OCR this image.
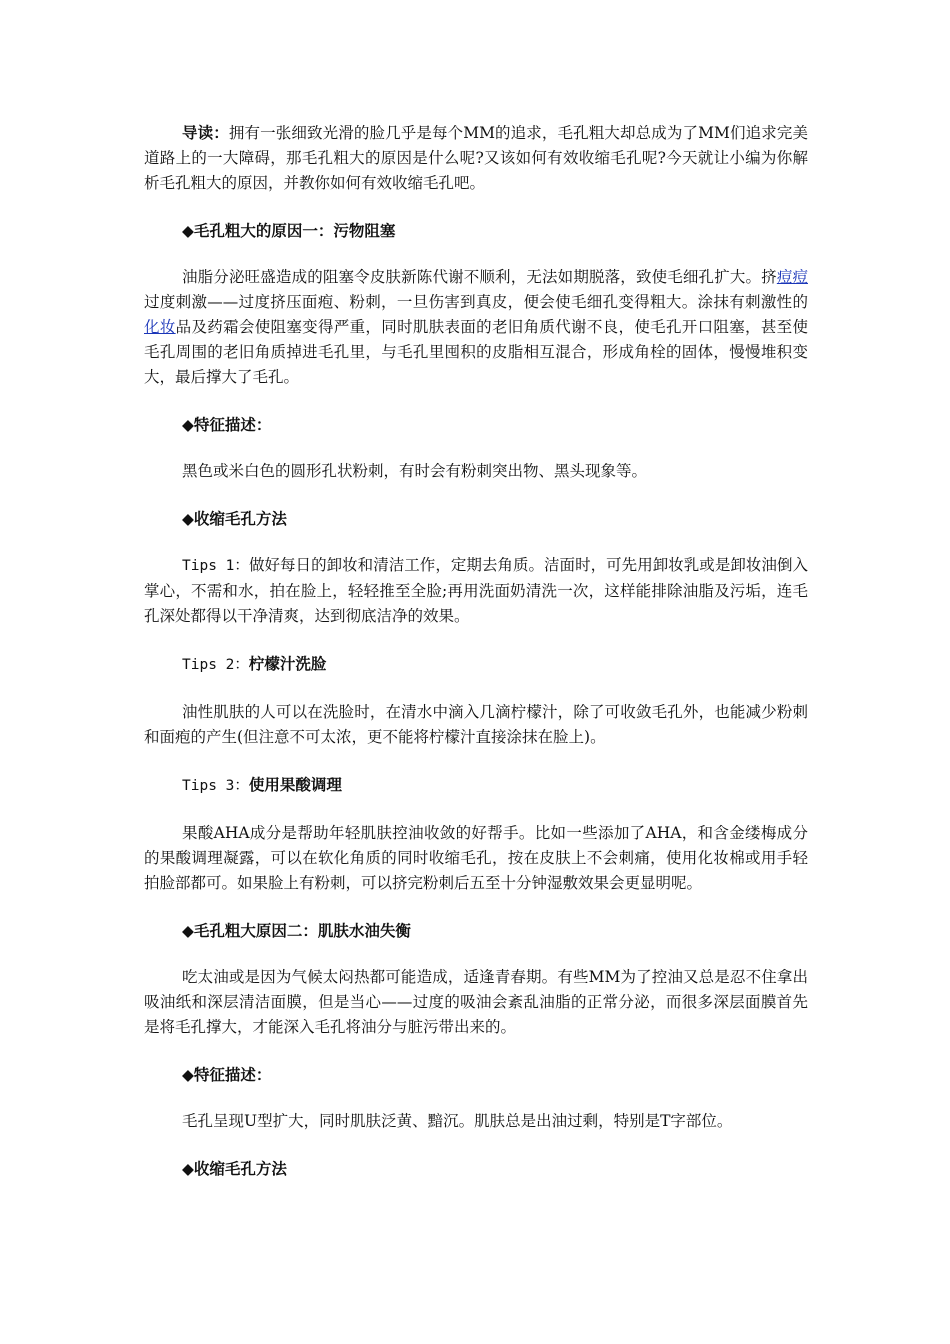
导读：拥有一张细致光滑的脸几乎是每个MM的追求，毛孔粗大却总成为了MM们追求完美道路上的一大障碍，那毛孔粗大的原因是什么呢?又该如何有效收缩毛孔呢?今天就让小编为你解析毛孔粗大的原因，并教你如何有效收缩毛孔吧。

◆毛孔粗大的原因一：污物阻塞

油脂分泌旺盛造成的阻塞令皮肤新陈代谢不顺利，无法如期脱落，致使毛细孔扩大。挤痘痘过度刺激——过度挤压面疱、粉刺，一旦伤害到真皮，便会使毛细孔变得粗大。涂抹有刺激性的化妆品及药霜会使阻塞变得严重，同时肌肤表面的老旧角质代谢不良，使毛孔开口阻塞，甚至使毛孔周围的老旧角质掉进毛孔里，与毛孔里囤积的皮脂相互混合，形成角栓的固体，慢慢堆积变大，最后撑大了毛孔。

◆特征描述：

黑色或米白色的圆形孔状粉刺，有时会有粉刺突出物、黑头现象等。

◆收缩毛孔方法

Tips 1：做好每日的卸妆和清洁工作，定期去角质。洁面时，可先用卸妆乳或是卸妆油倒入掌心，不需和水，拍在脸上，轻轻推至全脸;再用洗面奶清洗一次，这样能排除油脂及污垢，连毛孔深处都得以干净清爽，达到彻底洁净的效果。

Tips 2：柠檬汁洗脸

油性肌肤的人可以在洗脸时，在清水中滴入几滴柠檬汁，除了可收敛毛孔外，也能减少粉刺和面疱的产生(但注意不可太浓，更不能将柠檬汁直接涂抹在脸上)。

Tips 3：使用果酸调理

果酸AHA成分是帮助年轻肌肤控油收敛的好帮手。比如一些添加了AHA，和含金缕梅成分的果酸调理凝露，可以在软化角质的同时收缩毛孔，按在皮肤上不会刺痛，使用化妆棉或用手轻拍脸部都可。如果脸上有粉刺，可以挤完粉刺后五至十分钟湿敷效果会更显明呢。

◆毛孔粗大原因二：肌肤水油失衡

吃太油或是因为气候太闷热都可能造成，适逢青春期。有些MM为了控油又总是忍不住拿出吸油纸和深层清洁面膜，但是当心——过度的吸油会紊乱油脂的正常分泌，而很多深层面膜首先是将毛孔撑大，才能深入毛孔将油分与脏污带出来的。

◆特征描述：

毛孔呈现U型扩大，同时肌肤泛黄、黯沉。肌肤总是出油过剩，特别是T字部位。

◆收缩毛孔方法
